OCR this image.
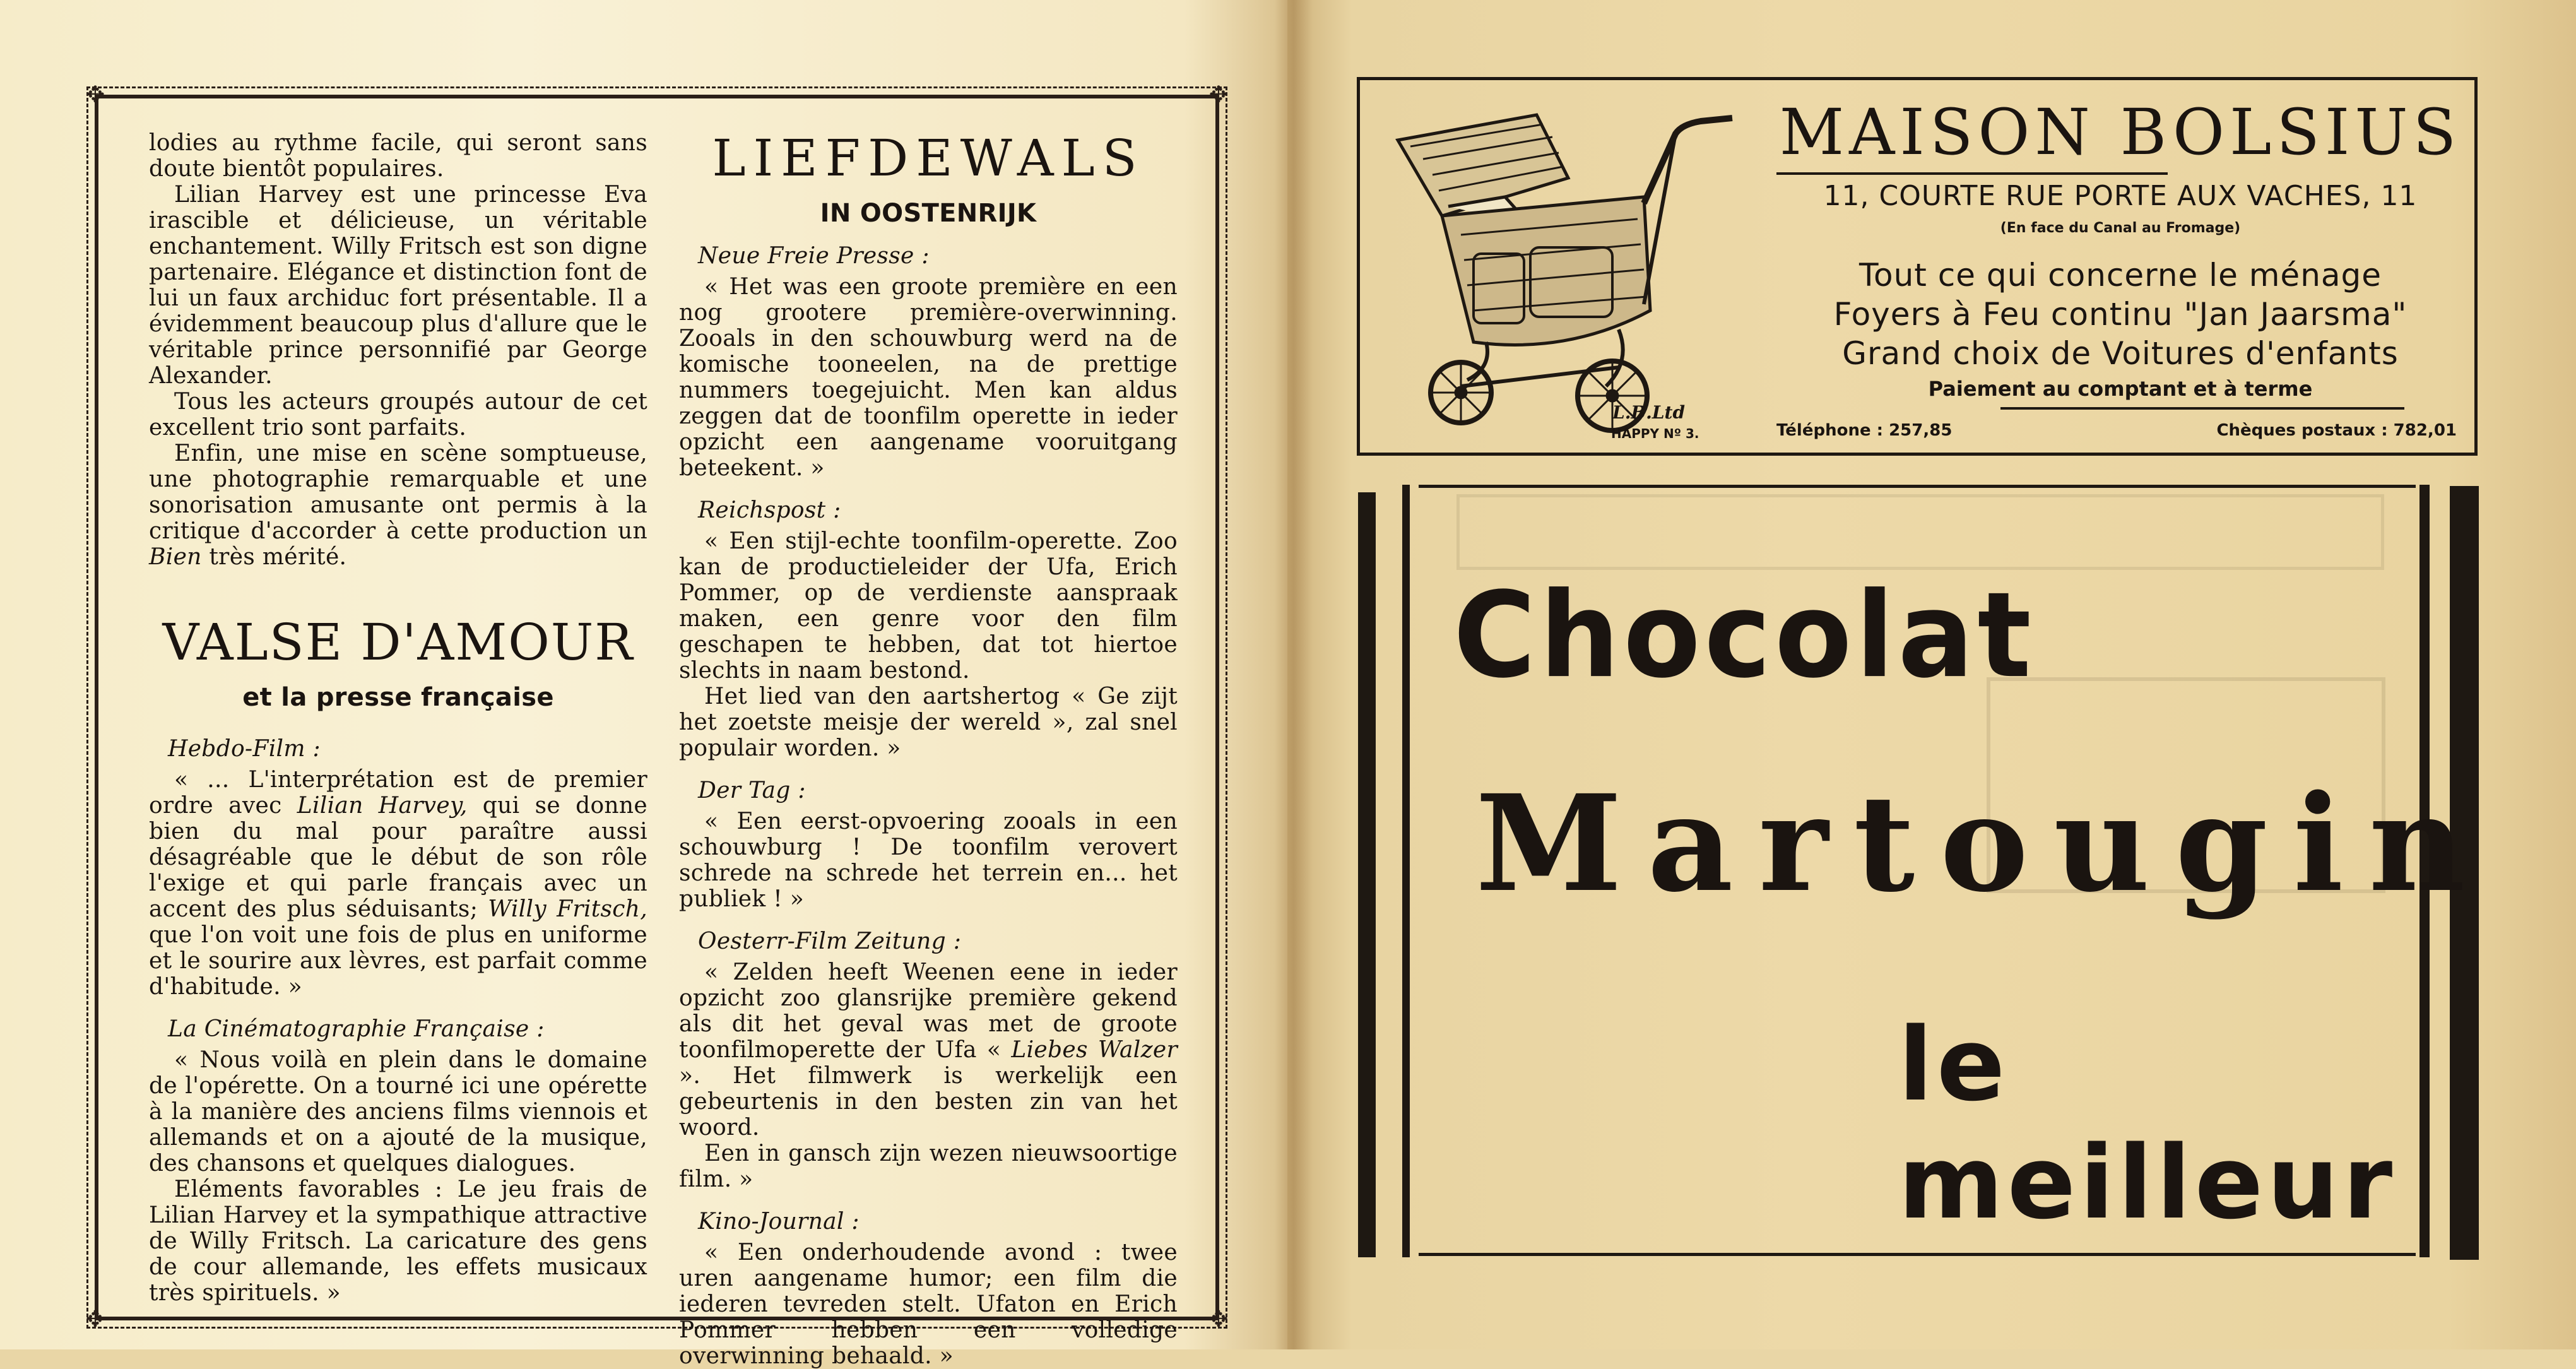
✥	✥
✥	✥

lodies au rythme facile, qui seront sans doute bientôt populaires.

Lilian Harvey est une princesse Eva irascible et délicieuse, un véritable enchantement. Willy Fritsch est son digne partenaire. Elégance et distinction font de lui un faux archiduc fort présentable. Il a évidemment beaucoup plus d'allure que le véritable prince personnifié par George Alexander.

Tous les acteurs groupés autour de cet excellent trio sont parfaits.

Enfin, une mise en scène somptueuse, une photographie remarquable et une sonorisation amusante ont permis à la critique d'accorder à cette production un Bien très mérité.

VALSE D'AMOUR

et la presse française

Hebdo-Film :

« ... L'interprétation est de premier ordre avec Lilian Harvey, qui se donne bien du mal pour paraître aussi désagréable que le début de son rôle l'exige et qui parle français avec un accent des plus séduisants; Willy Fritsch, que l'on voit une fois de plus en uniforme et le sourire aux lèvres, est parfait comme d'habitude. »

La Cinématographie Française :

« Nous voilà en plein dans le domaine de l'opérette. On a tourné ici une opérette à la manière des anciens films viennois et allemands et on a ajouté de la musique, des chansons et quelques dialogues.

Eléments favorables : Le jeu frais de Lilian Harvey et la sympathique attractive de Willy Fritsch. La caricature des gens de cour allemande, les effets musicaux très spirituels. »

LIEFDEWALS

IN OOSTENRIJK

Neue Freie Presse :

« Het was een groote première en een nog grootere première-overwinning. Zooals in den schouwburg werd na de komische tooneelen, na de prettige nummers toegejuicht. Men kan aldus zeggen dat de toonfilm operette in ieder opzicht een aangename vooruitgang beteekent. »

Reichspost :

« Een stijl-echte toonfilm-operette. Zoo kan de productieleider der Ufa, Erich Pommer, op de verdienste aanspraak maken, een genre voor den film geschapen te hebben, dat tot hiertoe slechts in naam bestond.

Het lied van den aartshertog « Ge zijt het zoetste meisje der wereld », zal snel populair worden. »

Der Tag :

« Een eerst-opvoering zooals in een schouwburg ! De toonfilm verovert schrede na schrede het terrein en... het publiek ! »

Oesterr-Film Zeitung :

« Zelden heeft Weenen eene in ieder opzicht zoo glansrijke première gekend als dit het geval was met de groote toonfilmoperette der Ufa « Liebes Walzer ». Het filmwerk is werkelijk een gebeurtenis in den besten zin van het woord.

Een in gansch zijn wezen nieuwsoortige film. »

Kino-Journal :

« Een onderhoudende avond : twee uren aangename humor; een film die iederen tevreden stelt. Ufaton en Erich Pommer hebben een volledige overwinning behaald. »

L.B.Ltd
HAPPY Nº 3.
MAISON BOLSIUS
11, COURTE RUE PORTE AUX VACHES, 11
(En face du Canal au Fromage)
Tout ce qui concerne le ménage
Foyers à Feu continu "Jan Jaarsma"
Grand choix de Voitures d'enfants
Paiement au comptant et à terme
Téléphone : 257,85	Chèques postaux : 782,01
Chocolat
Martougin
le meilleur
